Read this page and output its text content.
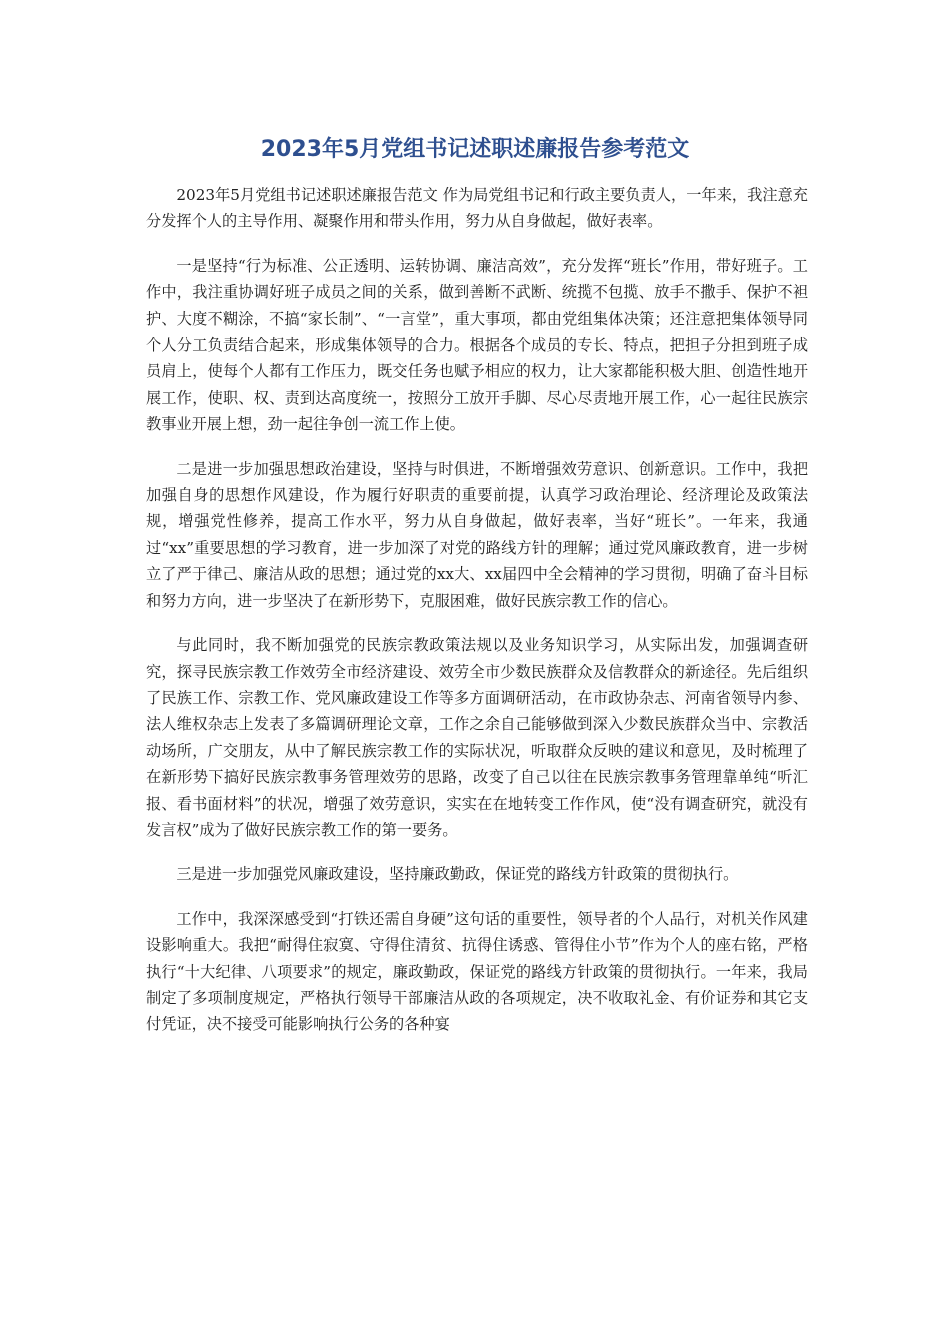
2023年5月党组书记述职述廉报告参考范文

2023年5月党组书记述职述廉报告范文 作为局党组书记和行政主要负责人，一年来，我注意充分发挥个人的主导作用、凝聚作用和带头作用，努力从自身做起，做好表率。

一是坚持“行为标准、公正透明、运转协调、廉洁高效”，充分发挥“班长”作用，带好班子。工作中，我注重协调好班子成员之间的关系，做到善断不武断、统揽不包揽、放手不撒手、保护不袒护、大度不糊涂，不搞“家长制”、“一言堂”，重大事项，都由党组集体决策；还注意把集体领导同个人分工负责结合起来，形成集体领导的合力。根据各个成员的专长、特点，把担子分担到班子成员肩上，使每个人都有工作压力，既交任务也赋予相应的权力，让大家都能积极大胆、创造性地开展工作，使职、权、责到达高度统一，按照分工放开手脚、尽心尽责地开展工作，心一起往民族宗教事业开展上想，劲一起往争创一流工作上使。

二是进一步加强思想政治建设，坚持与时俱进，不断增强效劳意识、创新意识。工作中，我把加强自身的思想作风建设，作为履行好职责的重要前提，认真学习政治理论、经济理论及政策法规，增强党性修养，提高工作水平，努力从自身做起，做好表率，当好“班长”。一年来，我通过“xx”重要思想的学习教育，进一步加深了对党的路线方针的理解；通过党风廉政教育，进一步树立了严于律己、廉洁从政的思想；通过党的xx大、xx届四中全会精神的学习贯彻，明确了奋斗目标和努力方向，进一步坚决了在新形势下，克服困难，做好民族宗教工作的信心。

与此同时，我不断加强党的民族宗教政策法规以及业务知识学习，从实际出发，加强调查研究，探寻民族宗教工作效劳全市经济建设、效劳全市少数民族群众及信教群众的新途径。先后组织了民族工作、宗教工作、党风廉政建设工作等多方面调研活动，在市政协杂志、河南省领导内参、法人维权杂志上发表了多篇调研理论文章，工作之余自己能够做到深入少数民族群众当中、宗教活动场所，广交朋友，从中了解民族宗教工作的实际状况，听取群众反映的建议和意见，及时梳理了在新形势下搞好民族宗教事务管理效劳的思路，改变了自己以往在民族宗教事务管理靠单纯“听汇报、看书面材料”的状况，增强了效劳意识，实实在在地转变工作作风，使“没有调查研究，就没有发言权”成为了做好民族宗教工作的第一要务。

三是进一步加强党风廉政建设，坚持廉政勤政，保证党的路线方针政策的贯彻执行。

工作中，我深深感受到“打铁还需自身硬”这句话的重要性，领导者的个人品行，对机关作风建设影响重大。我把“耐得住寂寞、守得住清贫、抗得住诱惑、管得住小节”作为个人的座右铭，严格执行“十大纪律、八项要求”的规定，廉政勤政，保证党的路线方针政策的贯彻执行。一年来，我局制定了多项制度规定，严格执行领导干部廉洁从政的各项规定，决不收取礼金、有价证券和其它支付凭证，决不接受可能影响执行公务的各种宴
